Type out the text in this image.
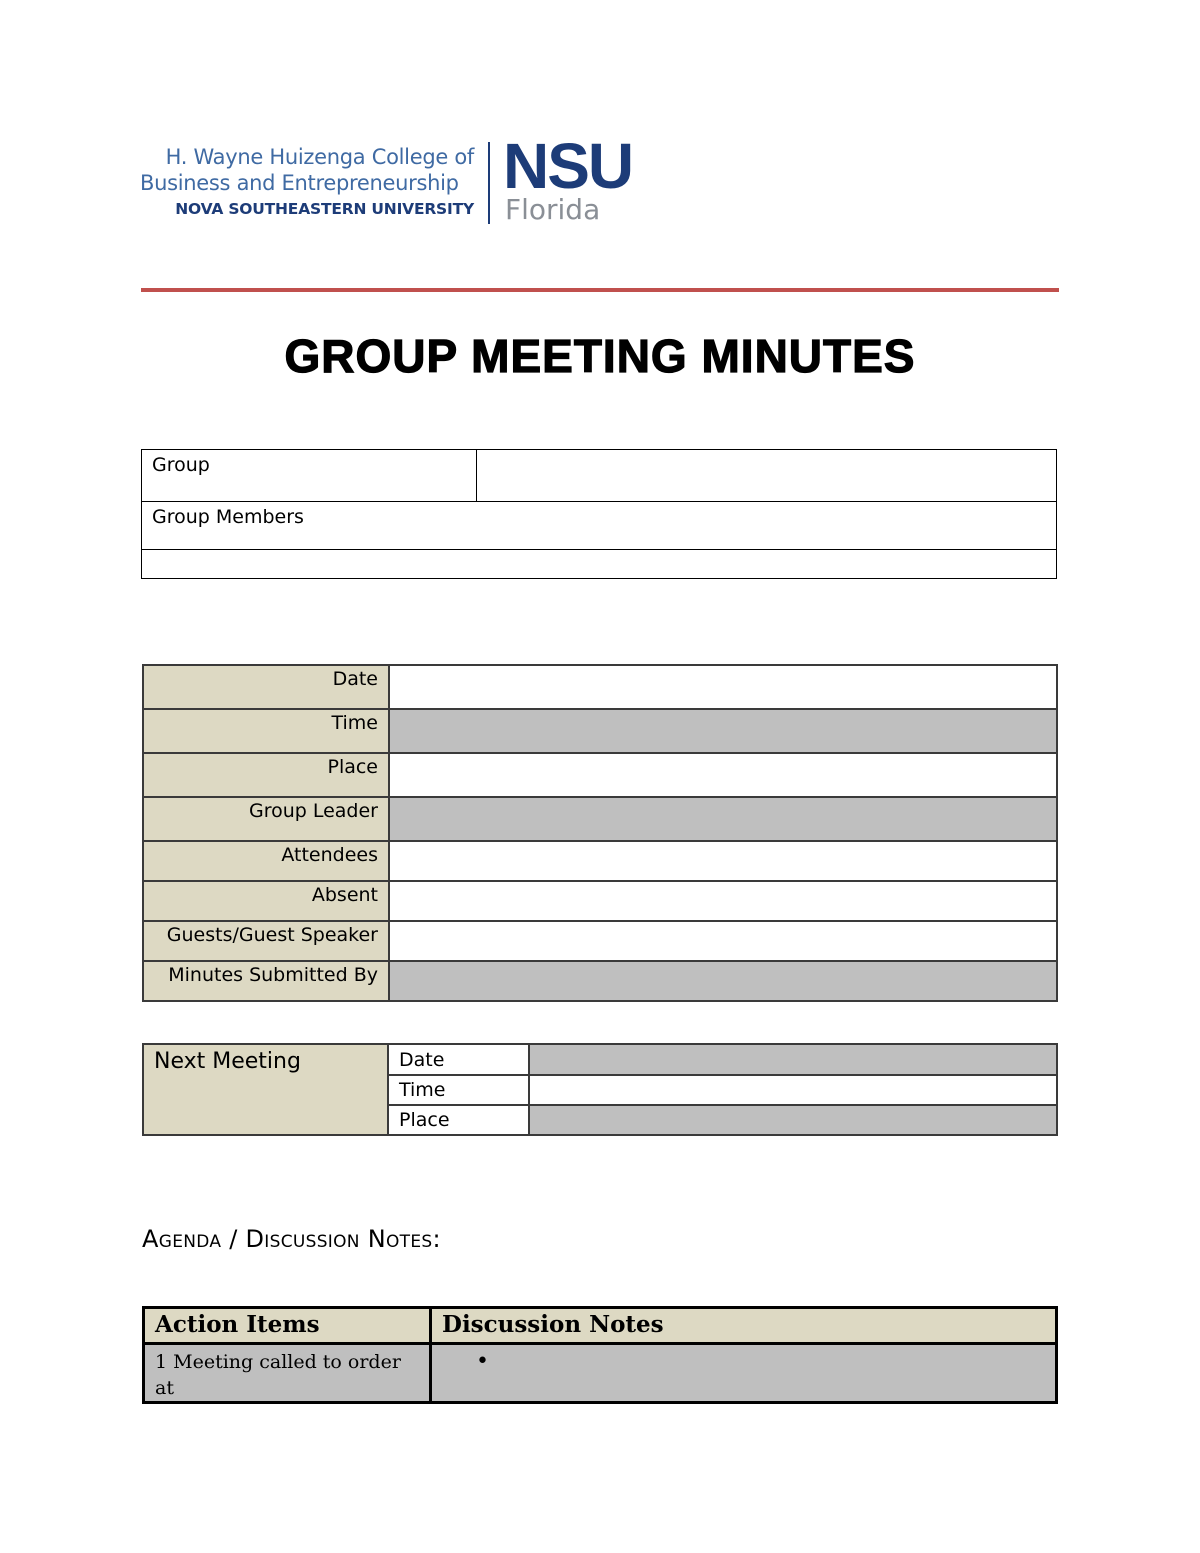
H. Wayne Huizenga College of
Business and Entrepreneurship
NOVA SOUTHEASTERN UNIVERSITY
NSU
Florida
GROUP MEETING MINUTES
Group	
Group Members

Date	
Time	
Place	
Group Leader	
Attendees	
Absent	
Guests/Guest Speaker	
Minutes Submitted By	
Next Meeting	Date	
	Time	
	Place	
Agenda / Discussion Notes:
Action Items	Discussion Notes
1 Meeting called to order at	•
